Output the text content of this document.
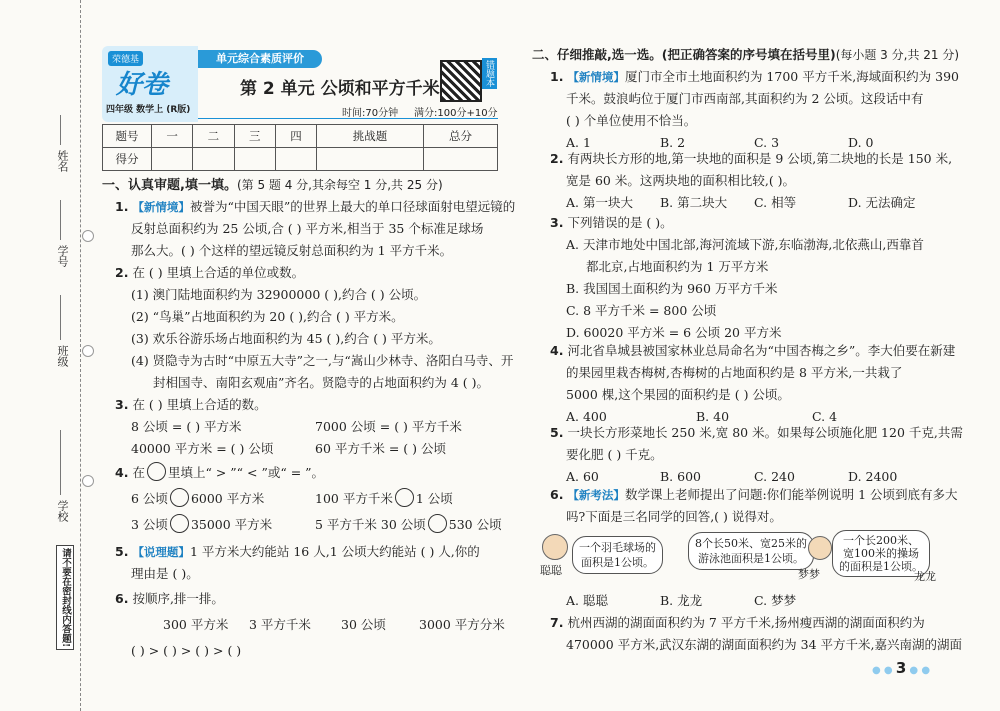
姓名
学号
班级
学校
请不要在密封线内答题!
荣德基
好卷
四年级 数学上 (R版)
单元综合素质评价
第 2 单元 公顷和平方千米
时间:70分钟 满分:100分+10分
错题本
题号	一	二	三	四	挑战题	总分
得分						
一、认真审题,填一填。(第 5 题 4 分,其余每空 1 分,共 25 分)
1. 【新情境】被誉为“中国天眼”的世界上最大的单口径球面射电望远镜的
反射总面积约为 25 公顷,合 ( ) 平方米,相当于 35 个标准足球场
那么大。( ) 个这样的望远镜反射总面积约为 1 平方千米。
2. 在 ( ) 里填上合适的单位或数。
(1) 澳门陆地面积约为 32900000 ( ),约合 ( ) 公顷。
(2) “鸟巢”占地面积约为 20 ( ),约合 ( ) 平方米。
(3) 欢乐谷游乐场占地面积约为 45 ( ),约合 ( ) 平方米。
(4) 贤隐寺为古时“中原五大寺”之一,与“嵩山少林寺、洛阳白马寺、开
封相国寺、南阳玄观庙”齐名。贤隐寺的占地面积约为 4 ( )。
3. 在 ( ) 里填上合适的数。
8 公顷 = ( ) 平方米	7000 公顷 = ( ) 平方千米
40000 平方米 = ( ) 公顷	60 平方千米 = ( ) 公顷
4. 在 里填上“ > ”“ < ”或“ = ”。
6 公顷 6000 平方米	100 平方千米 1 公顷
3 公顷 35000 平方米	5 平方千米 30 公顷 530 公顷
5. 【说理题】1 平方米大约能站 16 人,1 公顷大约能站 ( ) 人,你的
理由是 ( )。
6. 按顺序,排一排。
300 平方米 3 平方千米 30 公顷	3000 平方分米
( ) > ( ) > ( ) > ( )
二、仔细推敲,选一选。(把正确答案的序号填在括号里)(每小题 3 分,共 21 分)
1. 【新情境】厦门市全市土地面积约为 1700 平方千米,海域面积约为 390
千米。鼓浪屿位于厦门市西南部,其面积约为 2 公顷。这段话中有
( ) 个单位使用不恰当。
A. 1	B. 2	C. 3	D. 0
2. 有两块长方形的地,第一块地的面积是 9 公顷,第二块地的长是 150 米,
宽是 60 米。这两块地的面积相比较,( )。
A. 第一块大 B. 第二块大 C. 相等	D. 无法确定
3. 下列错误的是 ( )。
A. 天津市地处中国北部,海河流域下游,东临渤海,北依燕山,西靠首
都北京,占地面积约为 1 万平方米
B. 我国国土面积约为 960 万平方千米
C. 8 平方千米 = 800 公顷
D. 60020 平方米 = 6 公顷 20 平方米
4. 河北省阜城县被国家林业总局命名为“中国杏梅之乡”。李大伯要在新建
的果园里栽杏梅树,杏梅树的占地面积约是 8 平方米,一共栽了
5000 棵,这个果园的面积约是 ( ) 公顷。
A. 400	B. 40	C. 4
5. 一块长方形菜地长 250 米,宽 80 米。如果每公顷施化肥 120 千克,共需
要化肥 ( ) 千克。
A. 60	B. 600	C. 240	D. 2400
6. 【新考法】数学课上老师提出了问题:你们能举例说明 1 公顷到底有多大
吗?下面是三名同学的回答,( ) 说得对。
聪聪
一个羽毛球场的
面积是1公顷。
8个长50米、宽25米的
游泳池面积是1公顷。
梦梦
一个长200米、
宽100米的操场
的面积是1公顷。
龙龙
A. 聪聪	B. 龙龙	C. 梦梦
7. 杭州西湖的湖面面积约为 7 平方千米,扬州瘦西湖的湖面面积约为
470000 平方米,武汉东湖的湖面面积约为 34 平方千米,嘉兴南湖的湖面
● ● 3 ● ●
